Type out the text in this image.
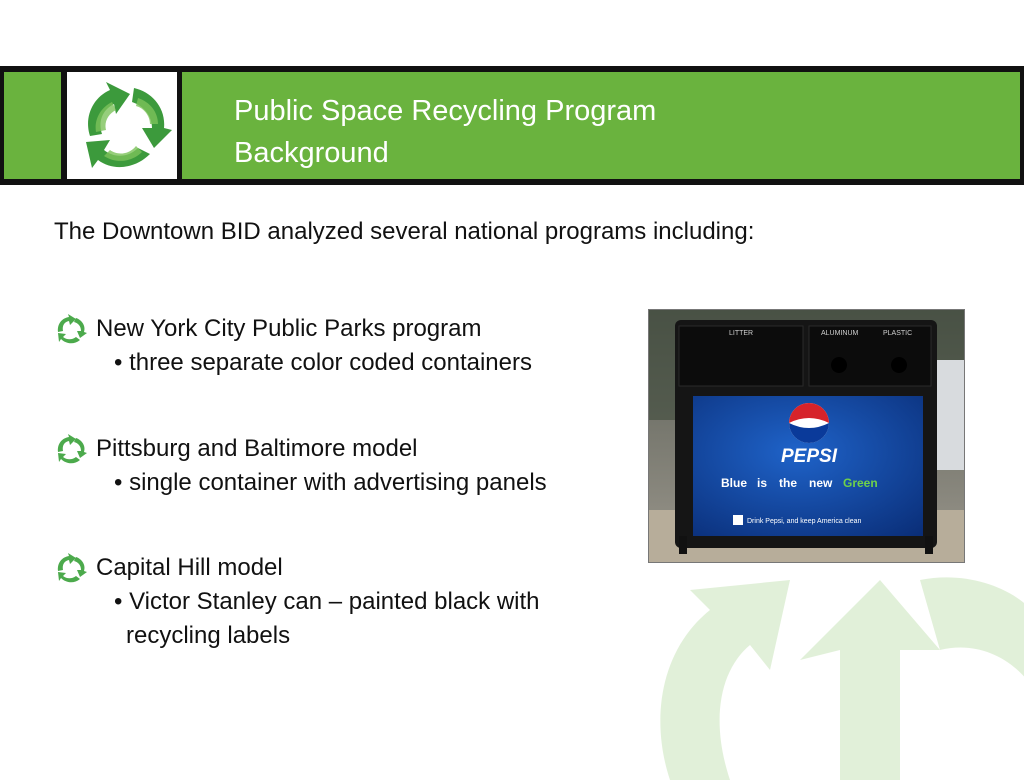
Public Space Recycling Program
Background
The Downtown BID analyzed several national programs including:
New York City Public Parks program
• three separate color coded containers
Pittsburg and Baltimore model
• single container with advertising panels
Capital Hill model
• Victor Stanley can – painted black with
recycling labels
LITTER	ALUMINUM	PLASTIC
PEPSI
Blue is the new Green
Drink Pepsi, and keep America clean
